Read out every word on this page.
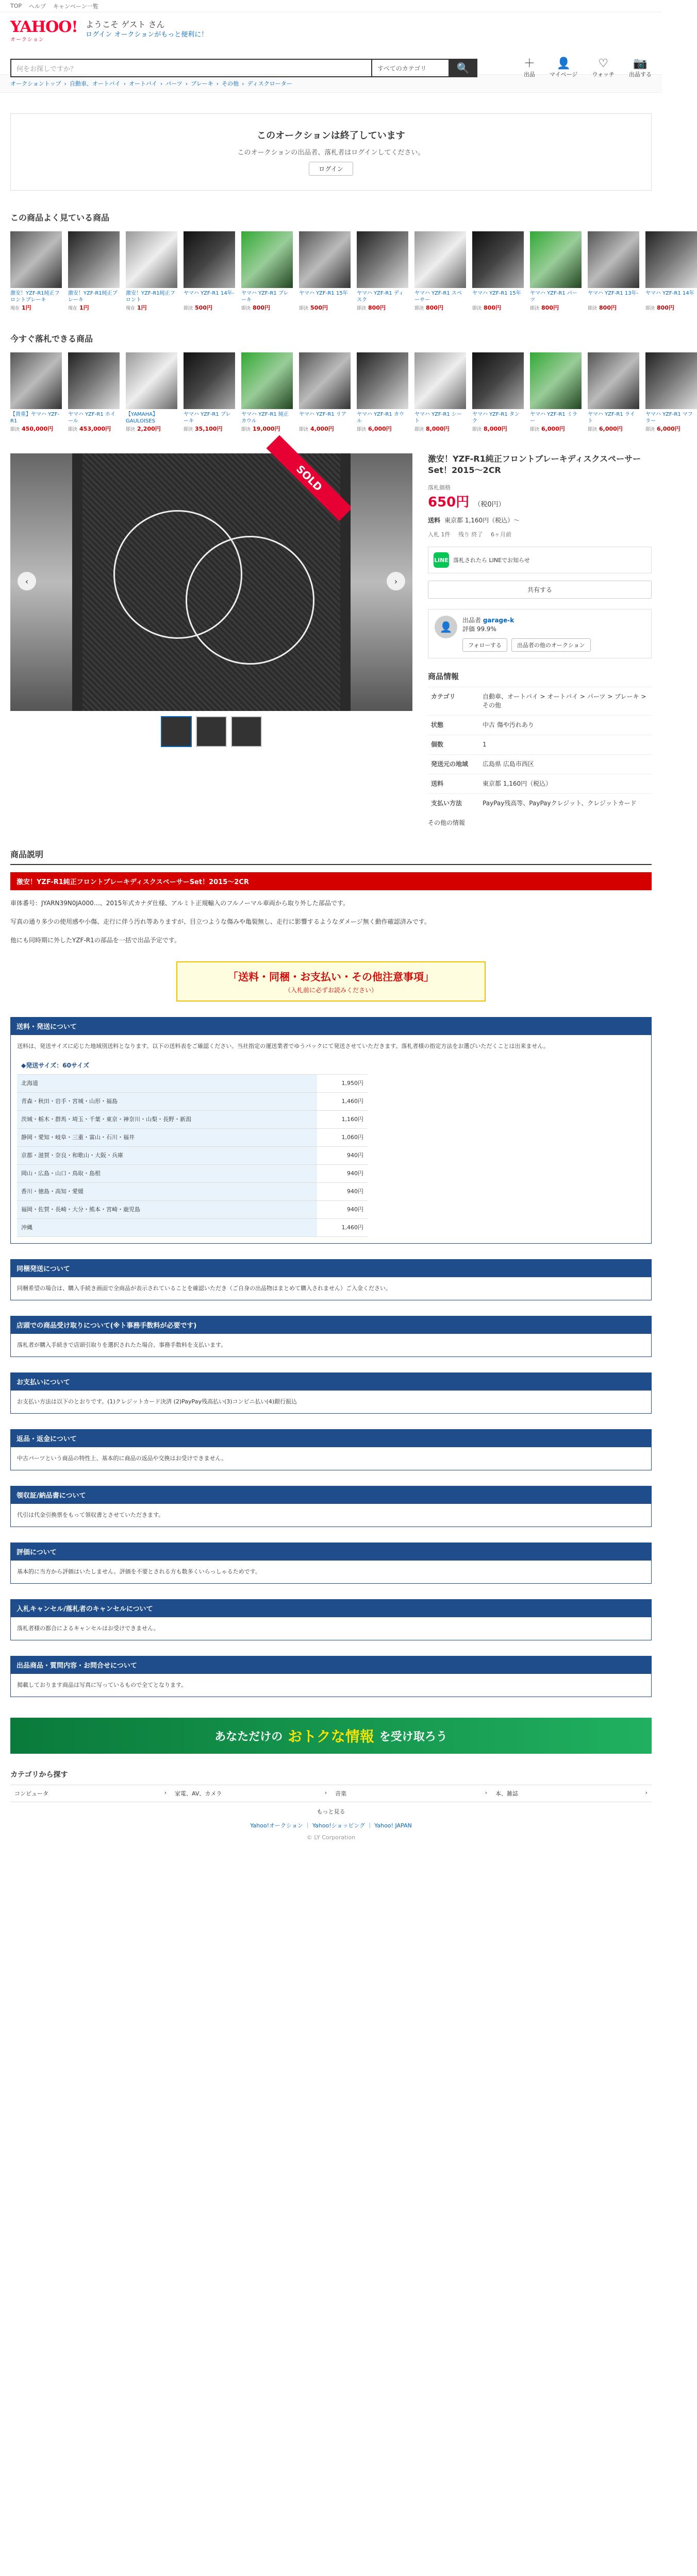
TOP ヘルプ キャンペーン一覧
YAHOO!
オークション
ようこそ ゲスト さん
ログイン オークションがもっと便利に！
何をお探しですか？	すべてのカテゴリ	🔍	＋
出品
👤
マイページ
♡
ウォッチ
📷
出品する
オークショントップ › 自動車、オートバイ › オートバイ › パーツ › ブレーキ › その他 › ディスクローター
このオークションは終了しています
このオークションの出品者、落札者はログインしてください。
ログイン
この商品よく見ている商品
激安！YZF-R1純正フロントブレーキ
現在 1円
激安！YZF-R1純正ブレーキ
現在 1円
激安！YZF-R1純正フロント
現在 1円
ヤマハ YZF-R1 14年-
即決 500円
ヤマハ YZF-R1 ブレーキ
即決 800円
ヤマハ YZF-R1 15年
即決 500円
ヤマハ YZF-R1 ディスク
即決 800円
ヤマハ YZF-R1 スペーサー
即決 800円
ヤマハ YZF-R1 15年
即決 800円
ヤマハ YZF-R1 パーツ
即決 800円
ヤマハ YZF-R1 13年-
即決 800円
ヤマハ YZF-R1 14年
即決 800円
今すぐ落札できる商品
【貴重】ヤマハ YZF-R1
即決 450,000円
ヤマハ YZF-R1 ホイール
即決 453,000円
【YAMAHA】 GAULOISES
即決 2,200円
ヤマハ YZF-R1 ブレーキ
即決 35,100円
ヤマハ YZF-R1 純正カウル
即決 19,000円
ヤマハ YZF-R1 リア
即決 4,000円
ヤマハ YZF-R1 カウル
即決 6,000円
ヤマハ YZF-R1 シート
即決 8,000円
ヤマハ YZF-R1 タンク
即決 8,000円
ヤマハ YZF-R1 ミラー
即決 6,000円
ヤマハ YZF-R1 ライト
即決 6,000円
ヤマハ YZF-R1 マフラー
即決 6,000円
SOLD
‹	›
激安！YZF-R1純正フロントブレーキディスクスペーサーSet！2015～2CR
落札価格
650円 （税0円）
送料 東京都 1,160円（税込）〜
入札 1件 残り 終了 6ヶ月前
LINE 落札されたら LINEでお知らせ
共有する
👤
出品者 garage-k
評価 99.9%
フォローする	出品者の他のオークション
商品情報
カテゴリ	自動車、オートバイ > オートバイ > パーツ > ブレーキ > その他
状態	中古 傷や汚れあり
個数	1
発送元の地域	広島県 広島市西区
送料	東京都 1,160円（税込）
支払い方法	PayPay残高等、PayPayクレジット、クレジットカード
その他の情報
商品説明
激安！YZF-R1純正フロントブレーキディスクスペーサーSet！2015～2CR
車体番号：JYARN39N0JA000…、2015年式カナダ仕様、アルミト正規輸入のフルノーマル車両から取り外した部品です。
写真の通り多少の使用感や小傷、走行に伴う汚れ等ありますが、目立つような傷みや亀裂無し、走行に影響するようなダメージ無く動作確認済みです。
他にも同時期に外したYZF-R1の部品を一括で出品予定です。
「送料・同梱・お支払い・その他注意事項」
（入札前に必ずお読みください）
送料・発送について
送料は、発送サイズに応じた地域別送料となります。以下の送料表をご確認ください。当社指定の運送業者でゆうパックにて発送させていただきます。落札者様の指定方法をお選びいただくことは出来ません。
◆発送サイズ：60サイズ	
北海道	1,950円
青森・秋田・岩手・宮城・山形・福島	1,460円
茨城・栃木・群馬・埼玉・千葉・東京・神奈川・山梨・長野・新潟	1,160円
静岡・愛知・岐阜・三重・富山・石川・福井	1,060円
京都・滋賀・奈良・和歌山・大阪・兵庫	940円
岡山・広島・山口・鳥取・島根	940円
香川・徳島・高知・愛媛	940円
福岡・佐賀・長崎・大分・熊本・宮崎・鹿児島	940円
沖縄	1,460円
同梱発送について
同梱希望の場合は、購入手続き画面で全商品が表示されていることを確認いただき（ご自身の出品物はまとめて購入されません）ご入金ください。
店頭での商品受け取りについて(※ト事務手数料が必要です)
落札者が購入手続きで店頭引取りを選択されたた場合、事務手数料を支払います。
お支払いについて
お支払い方法は以下のとおりです。(1)クレジットカード決済 (2)PayPay残高払い(3)コンビニ払い(4)銀行振込
返品・返金について
中古パーツという商品の特性上、基本的に商品の返品や交換はお受けできません。
領収証/納品書について
代引は代金引換票をもって領収書とさせていただきます。
評価について
基本的に当方から評価はいたしません。評価を不要とされる方も数多くいらっしゃるためです。
入札キャンセル/落札者のキャンセルについて
落札者様の都合によるキャンセルはお受けできません。
出品商品・質問内容・お問合せについて
掲載しております商品は写真に写っているもので全てとなります。
あなただけの おトクな情報 を受け取ろう
カテゴリから探す
コンピュータ	› 家電、AV、カメラ	› 音楽	› 本、雑誌	›
もっと見る
Yahoo!オークション ｜ Yahoo!ショッピング ｜ Yahoo! JAPAN
© LY Corporation
